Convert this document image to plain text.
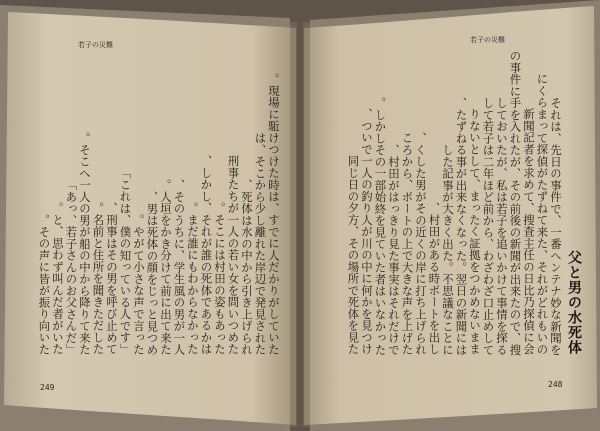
若子の災難
若子の災難
父と男の水死体
それは、先日の事件で、一番ヘンテナ妙な新聞を
にくらまって探偵がたずねて来た、それがどれもいの
新聞記者を求めて、搜査主任の日比乃探偵に会
の事件に手を入れたが、その前後の新聞が出来たので、搜
しておいたが、私は若子を追いかけて事情を探る
して若子は二年ほど前から、わざわざ口止めして
りないとして、まったく証拠をつかめないまま
たずねる事が出来なくなった。翌日の新聞には、
した記事が大きく出た。不思議なことに
村田がある時ボートを出し、
くした男がその近くの岸に打ち上げられ、
ころから、ボートの上で大きな声を上げた
村田がはっきり見た事実はそれだけで、
しかしその一部始終を見ていた者はいなかった。
ついで一人の釣り人が川の中に何かを見つけ、
同じ日の夕方、その場所で死体を見た
現場に駈けつけた時は、すでに人だかりがしていた。
は、そこから少し離れた岸辺で発見された
死体は水の中から引き上げられ、
刑事たちが一人の若い女を問いつめた
そこには村田の姿もあった。
しかし、それが誰の死体であるかは、
まだ誰にもわからなかった。
そのうちに、学生風の男が一人、
人垣をかき分けて前に出て来た。
男は死体の顔をじっと見つめ、
やがて小さな声で言った。
「これは、僕の知っている人です」
刑事はその男を呼び止めて、
名前と住所を聞きただした。
そこへ一人の男が船の中から降りて来た。
「あっ、若子さんのお父さんだ」
と、思わず叫んだ者がいた。
その声に皆が振り向いた。
249	248
